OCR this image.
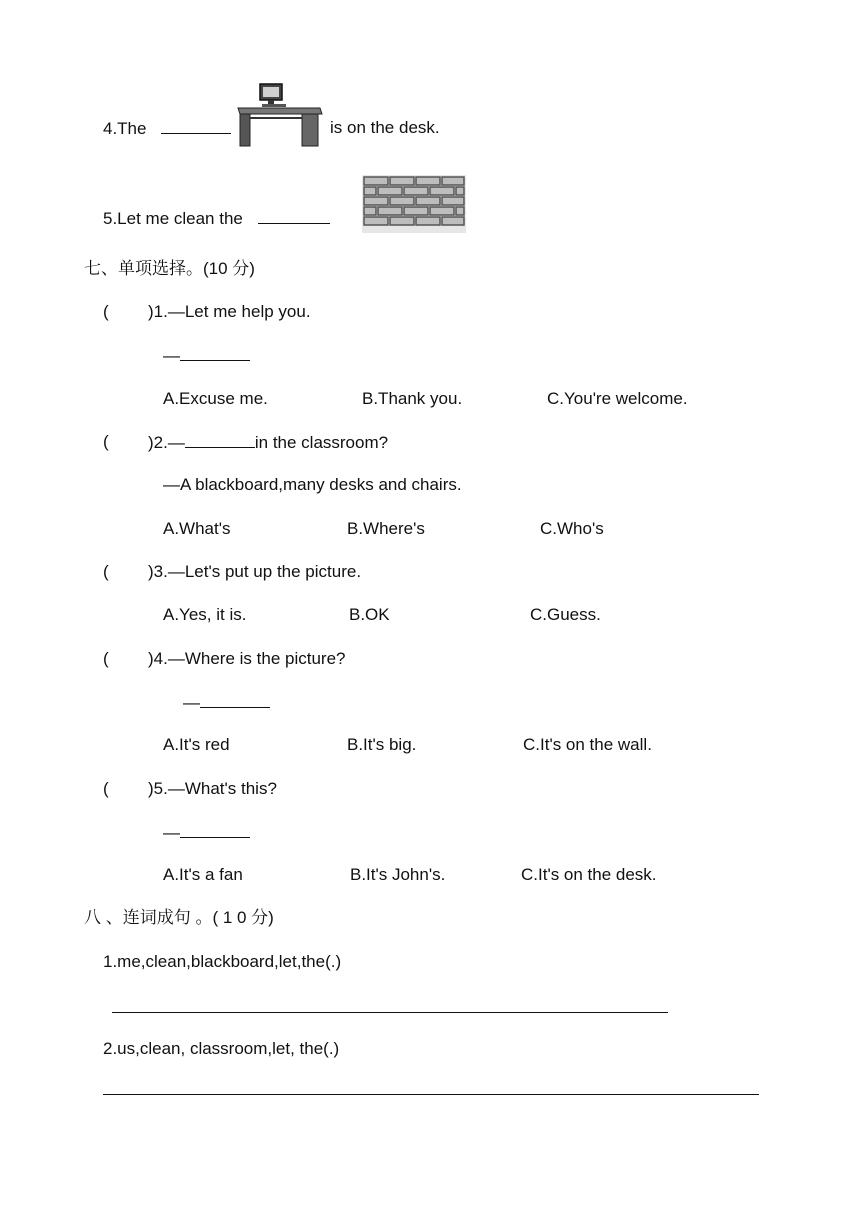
4.The	is on the desk.
5.Let me clean the
七、单项选择。(10 分)
( )1.—Let me help you.
—
A.Excuse me.	B.Thank you.	C.You're welcome.
( )2.—	in the classroom?
—A blackboard,many desks and chairs.
A.What's	B.Where's	C.Who's
( )3.—Let's put up the picture.
A.Yes, it is.	B.OK	C.Guess.
( )4.—Where is the picture?
—
A.It's red	B.It's big.	C.It's on the wall.
( )5.—What's this?
—
A.It's a fan	B.It's John's.	C.It's on the desk.
八 、连词成句 。( 1 0 分)
1.me,clean,blackboard,let,the(.)
2.us,clean, classroom,let, the(.)
